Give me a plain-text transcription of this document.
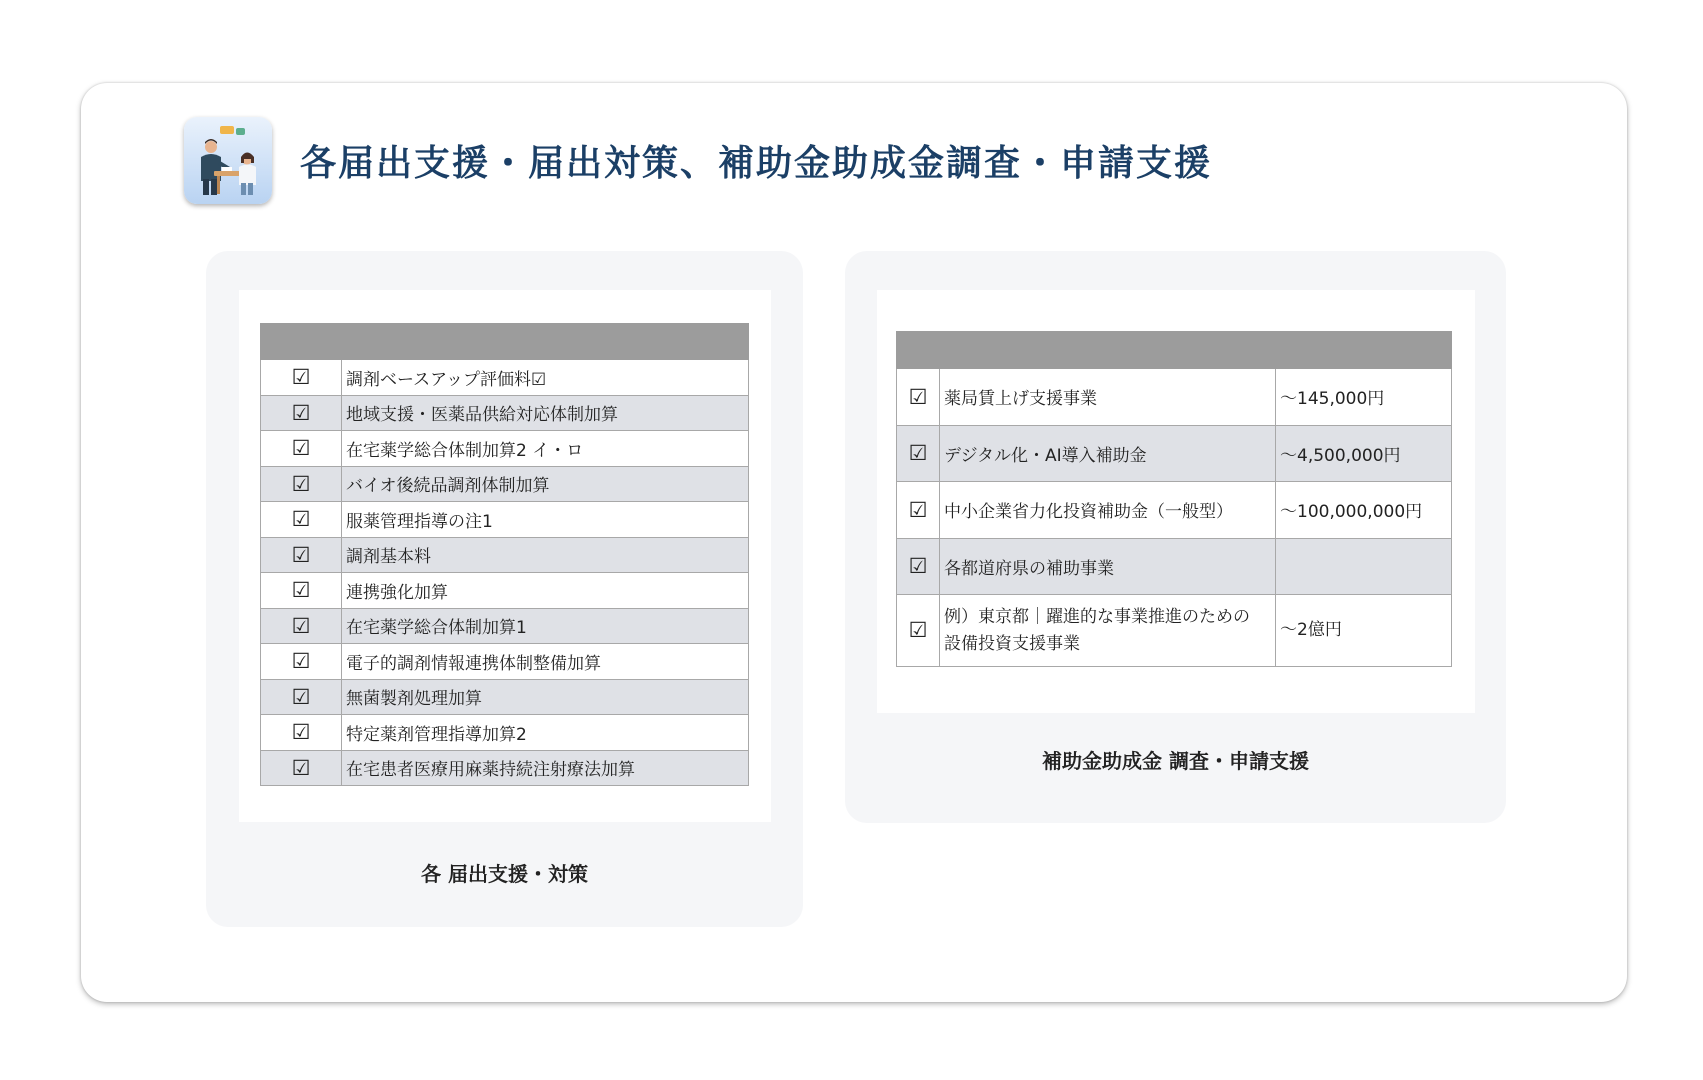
各届出支援・届出対策、補助金助成金調査・申請支援

☑	調剤ベースアップ評価料☑
☑	地域支援・医薬品供給対応体制加算
☑	在宅薬学総合体制加算2 イ・ロ
☑	バイオ後続品調剤体制加算
☑	服薬管理指導の注1
☑	調剤基本料
☑	連携強化加算
☑	在宅薬学総合体制加算1
☑	電子的調剤情報連携体制整備加算
☑	無菌製剤処理加算
☑	特定薬剤管理指導加算2
☑	在宅患者医療用麻薬持続注射療法加算
各 届出支援・対策

☑	薬局賃上げ支援事業	〜145,000円
☑	デジタル化・AI導入補助金	〜4,500,000円
☑	中小企業省力化投資補助金（一般型）	〜100,000,000円
☑	各都道府県の補助事業	
☑	例）東京都｜躍進的な事業推進のための
設備投資支援事業	〜2億円
補助金助成金 調査・申請支援
